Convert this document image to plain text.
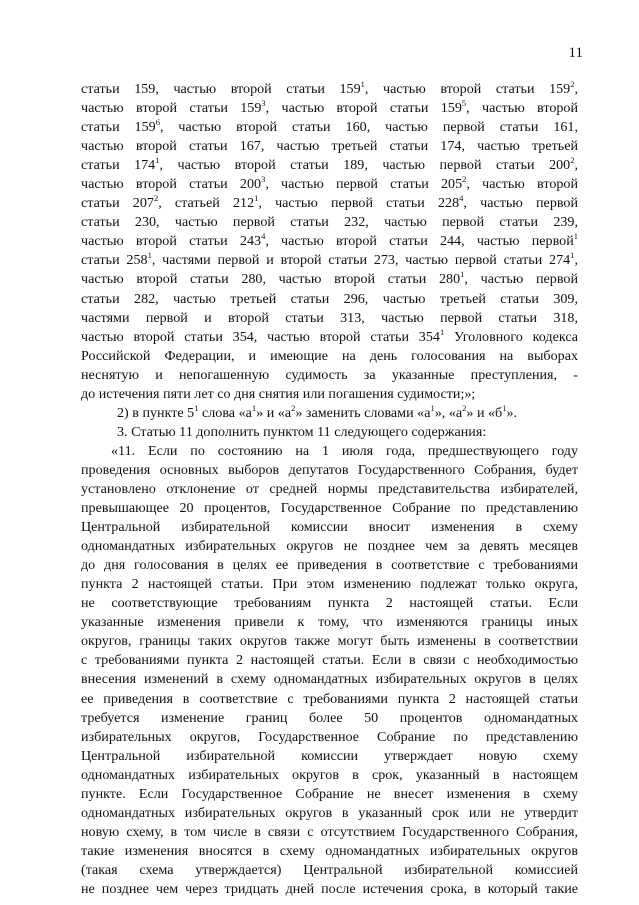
11
статьи 159, частью второй статьи $159^1$, частью второй статьи $159^2$,
частью второй статьи $159^3$, частью второй статьи $159^5$, частью второй
статьи $159^6$, частью второй статьи 160, частью первой статьи 161,
частью второй статьи 167, частью третьей статьи 174, частью третьей
статьи $174^1$, частью второй статьи 189, частью первой статьи $200^2$,
частью второй статьи $200^3$, частью первой статьи $205^2$, частью второй
статьи $207^2$, статьей $212^1$, частью первой статьи $228^4$, частью первой
статьи 230, частью первой статьи 232, частью первой статьи 239,
частью второй статьи $243^4$, частью второй статьи 244, частью первой$^1$
статьи $258^1$, частями первой и второй статьи 273, частью первой статьи $274^1$,
частью второй статьи 280, частью второй статьи $280^1$, частью первой
статьи 282, частью третьей статьи 296, частью третьей статьи 309,
частями первой и второй статьи 313, частью первой статьи 318,
частью второй статьи 354, частью второй статьи $354^1$ Уголовного кодекса
Российской Федерации, и имеющие на день голосования на выборах
неснятую и непогашенную судимость за указанные преступления, -
до истечения пяти лет со дня снятия или погашения судимости;»;
2) в пункте $5^1$ слова «$а^1$» и «$а^2$» заменить словами «$а^1$», «$а^2$» и «$б^1$».
3. Статью 11 дополнить пунктом 11 следующего содержания:
«11. Если по состоянию на 1 июля года, предшествующего году
проведения основных выборов депутатов Государственного Собрания, будет
установлено отклонение от средней нормы представительства избирателей,
превышающее 20 процентов, Государственное Собрание по представлению
Центральной избирательной комиссии вносит изменения в схему
одномандатных избирательных округов не позднее чем за девять месяцев
до дня голосования в целях ее приведения в соответствие с требованиями
пункта 2 настоящей статьи. При этом изменению подлежат только округа,
не соответствующие требованиям пункта 2 настоящей статьи. Если
указанные изменения привели к тому, что изменяются границы иных
округов, границы таких округов также могут быть изменены в соответствии
с требованиями пункта 2 настоящей статьи. Если в связи с необходимостью
внесения изменений в схему одномандатных избирательных округов в целях
ее приведения в соответствие с требованиями пункта 2 настоящей статьи
требуется изменение границ более 50 процентов одномандатных
избирательных округов, Государственное Собрание по представлению
Центральной избирательной комиссии утверждает новую схему
одномандатных избирательных округов в срок, указанный в настоящем
пункте. Если Государственное Собрание не внесет изменения в схему
одномандатных избирательных округов в указанный срок или не утвердит
новую схему, в том числе в связи с отсутствием Государственного Собрания,
такие изменения вносятся в схему одномандатных избирательных округов
(такая схема утверждается) Центральной избирательной комиссией
не позднее чем через тридцать дней после истечения срока, в который такие
